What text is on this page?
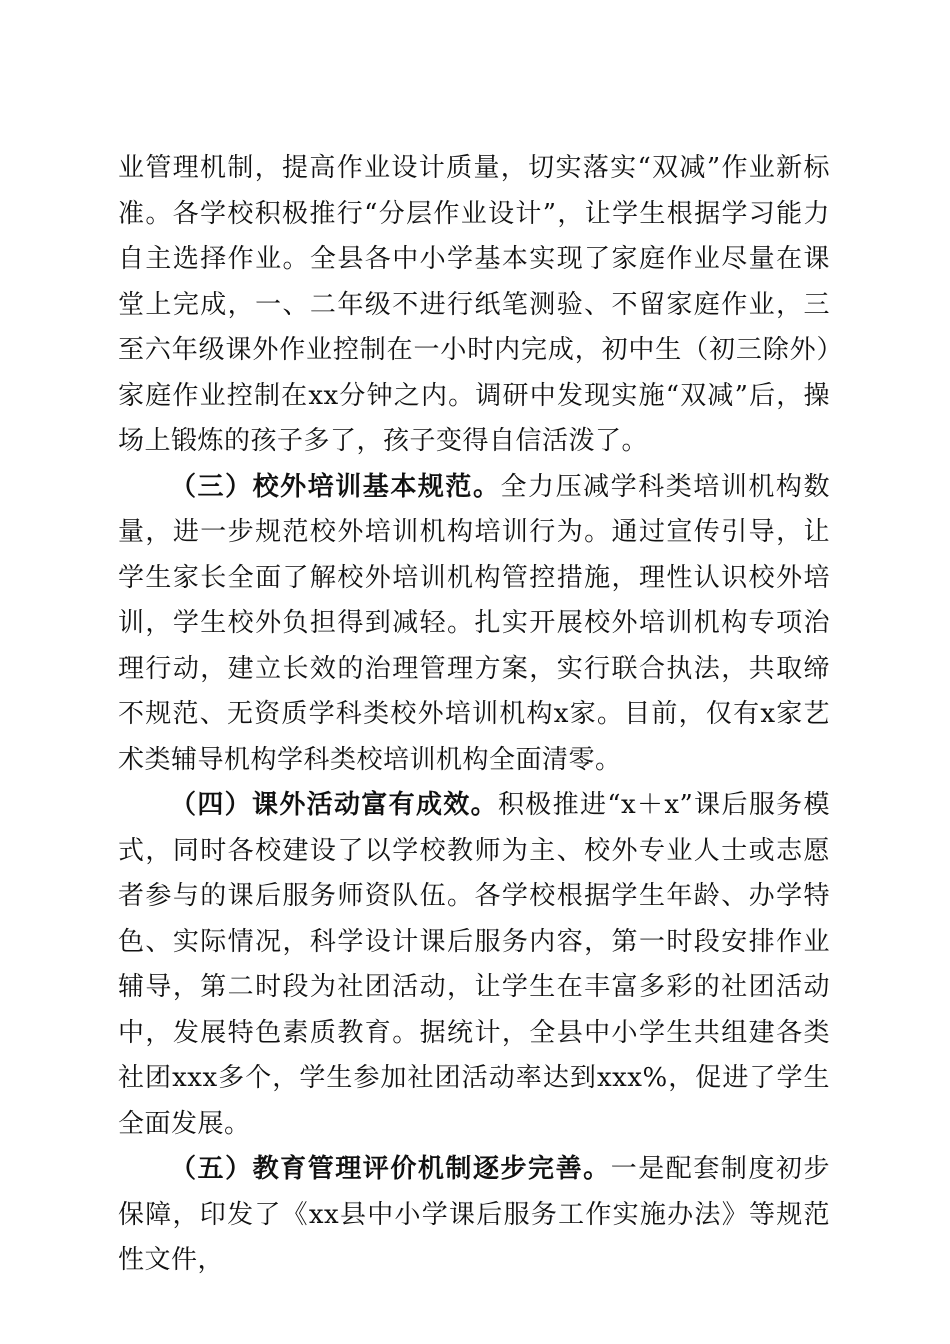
业管理机制，提高作业设计质量，切实落实“双减”作业新标准。各学校积极推行“分层作业设计”，让学生根据学习能力自主选择作业。全县各中小学基本实现了家庭作业尽量在课堂上完成，一、二年级不进行纸笔测验、不留家庭作业，三至六年级课外作业控制在一小时内完成，初中生（初三除外）家庭作业控制在xx分钟之内。调研中发现实施“双减”后，操场上锻炼的孩子多了，孩子变得自信活泼了。

（三）校外培训基本规范。全力压减学科类培训机构数量，进一步规范校外培训机构培训行为。通过宣传引导，让学生家长全面了解校外培训机构管控措施，理性认识校外培训，学生校外负担得到减轻。扎实开展校外培训机构专项治理行动，建立长效的治理管理方案，实行联合执法，共取缔不规范、无资质学科类校外培训机构x家。目前，仅有x家艺术类辅导机构学科类校培训机构全面清零。

（四）课外活动富有成效。积极推进“x＋x”课后服务模式，同时各校建设了以学校教师为主、校外专业人士或志愿者参与的课后服务师资队伍。各学校根据学生年龄、办学特色、实际情况，科学设计课后服务内容，第一时段安排作业辅导，第二时段为社团活动，让学生在丰富多彩的社团活动中，发展特色素质教育。据统计，全县中小学生共组建各类社团xxx多个，学生参加社团活动率达到xxx%，促进了学生全面发展。

（五）教育管理评价机制逐步完善。一是配套制度初步保障，印发了《xx县中小学课后服务工作实施办法》等规范性文件，
